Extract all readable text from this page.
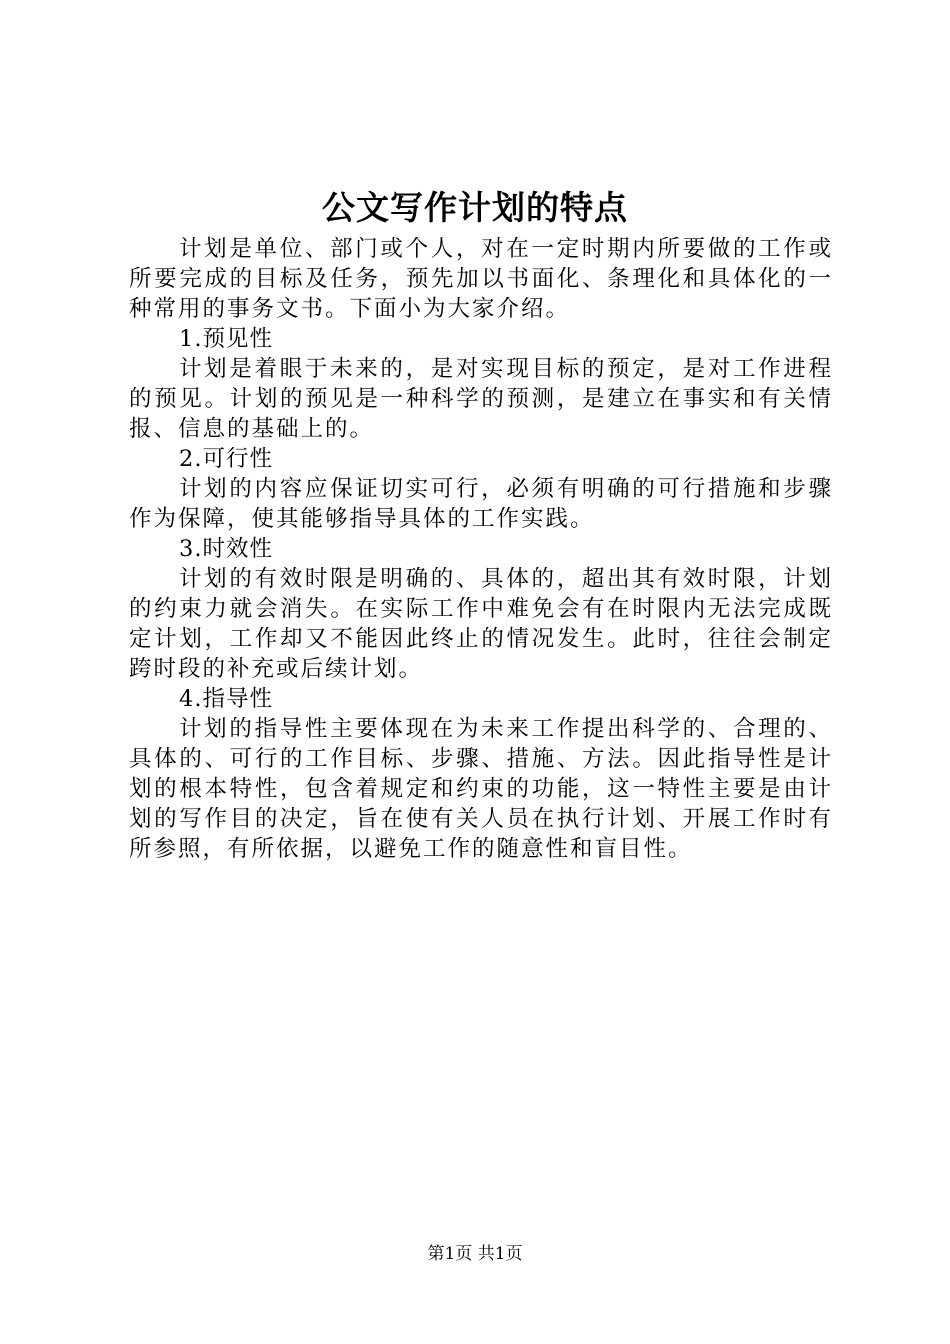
公文写作计划的特点

计划是单位、部门或个人，对在一定时期内所要做的工作或所要完成的目标及任务，预先加以书面化、条理化和具体化的一种常用的事务文书。下面小为大家介绍。

1.预见性

计划是着眼于未来的，是对实现目标的预定，是对工作进程的预见。计划的预见是一种科学的预测，是建立在事实和有关情报、信息的基础上的。

2.可行性

计划的内容应保证切实可行，必须有明确的可行措施和步骤作为保障，使其能够指导具体的工作实践。

3.时效性

计划的有效时限是明确的、具体的，超出其有效时限，计划的约束力就会消失。在实际工作中难免会有在时限内无法完成既定计划，工作却又不能因此终止的情况发生。此时，往往会制定跨时段的补充或后续计划。

4.指导性

计划的指导性主要体现在为未来工作提出科学的、合理的、具体的、可行的工作目标、步骤、措施、方法。因此指导性是计划的根本特性，包含着规定和约束的功能，这一特性主要是由计划的写作目的决定，旨在使有关人员在执行计划、开展工作时有所参照，有所依据，以避免工作的随意性和盲目性。

第1页 共1页
